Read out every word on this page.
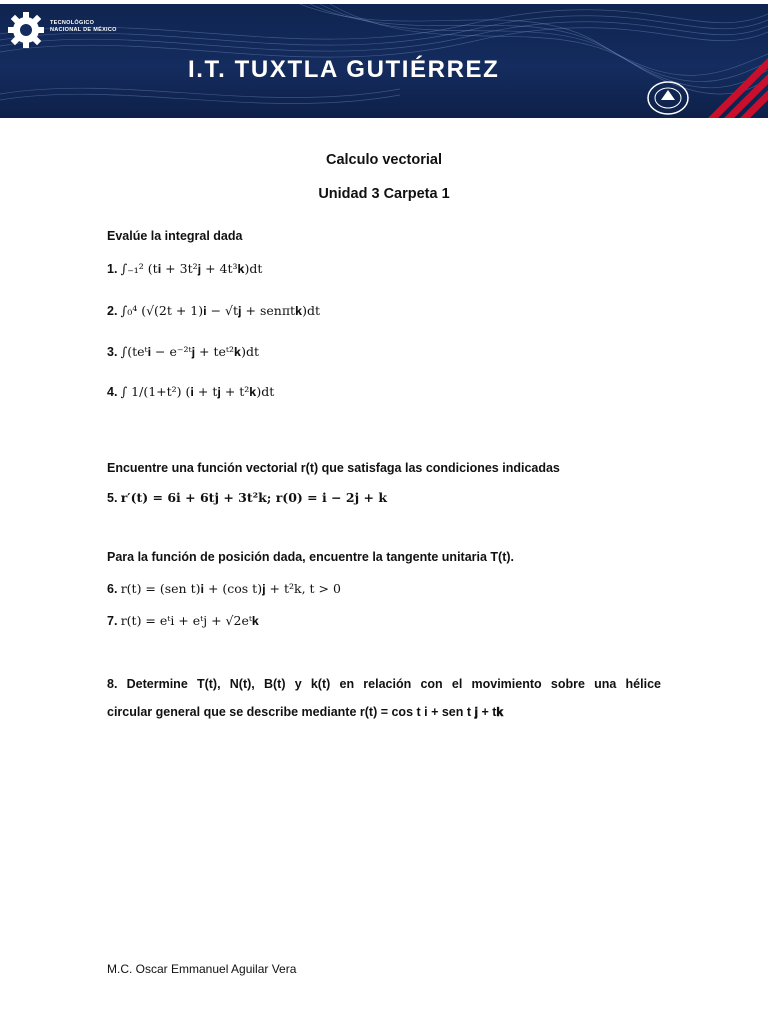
TECNOLÓGICO
NACIONAL DE MÉXICO
I.T. TUXTLA GUTIÉRREZ
Calculo vectorial
Unidad 3 Carpeta 1
Evalúe la integral dada
1. ∫₋₁² (t𝐢 + 3t²𝐣 + 4t³𝐤)dt
2. ∫₀⁴ (√(2t + 1)𝐢 − √t𝐣 + senπt𝐤)dt
3. ∫(teᵗ𝐢 − e⁻²ᵗ𝐣 + teᵗ²𝐤)dt
4. ∫ 1/(1+t²) (𝐢 + t𝐣 + t²𝐤)dt
Encuentre una función vectorial r(t) que satisfaga las condiciones indicadas
5. r′(t) = 6𝐢 + 6t𝐣 + 3t²𝐤; 𝐫(0) = 𝐢 − 2𝐣 + 𝐤
Para la función de posición dada, encuentre la tangente unitaria T(t).
6. r(t) = (sen t)𝐢 + (cos t)𝐣 + t²k, t > 0
7. r(t) = eᵗi + eᵗj + √2eᵗ𝐤
8. Determine T(t), N(t), B(t) y k(t) en relación con el movimiento sobre una hélice
circular general que se describe mediante r(t) = cos t i + sen t 𝐣 + t𝐤
M.C. Oscar Emmanuel Aguilar Vera
